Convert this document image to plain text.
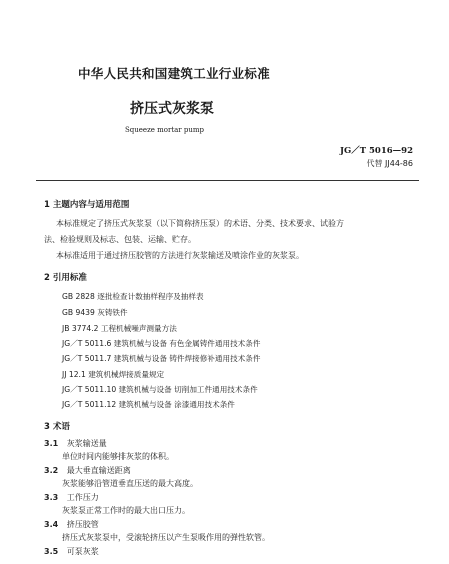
中华人民共和国建筑工业行业标准
挤压式灰浆泵
Squeeze mortar pump
JG／T 5016—92
代替 JJ44-86
1 主题内容与适用范围
本标准规定了挤压式灰浆泵（以下简称挤压泵）的术语、分类、技术要求、试验方
法、检验规则及标志、包装、运输、贮存。
本标准适用于通过挤压胶管的方法进行灰浆输送及喷涂作业的灰浆泵。
2 引用标准
GB 2828 逐批检查计数抽样程序及抽样表
GB 9439 灰铸铁件
JB 3774.2 工程机械噪声测量方法
JG／T 5011.6 建筑机械与设备 有色金属铸件通用技术条件
JG／T 5011.7 建筑机械与设备 铸件焊接修补通用技术条件
JJ 12.1 建筑机械焊接质量规定
JG／T 5011.10 建筑机械与设备 切削加工件通用技术条件
JG／T 5011.12 建筑机械与设备 涂漆通用技术条件
3 术语
3.1 灰浆输送量
单位时间内能够排灰浆的体积。
3.2 最大垂直输送距离
灰浆能够沿管道垂直压送的最大高度。
3.3 工作压力
灰浆泵正常工作时的最大出口压力。
3.4 挤压胶管
挤压式灰浆泵中，受滚轮挤压以产生泵吸作用的弹性软管。
3.5 可泵灰浆
